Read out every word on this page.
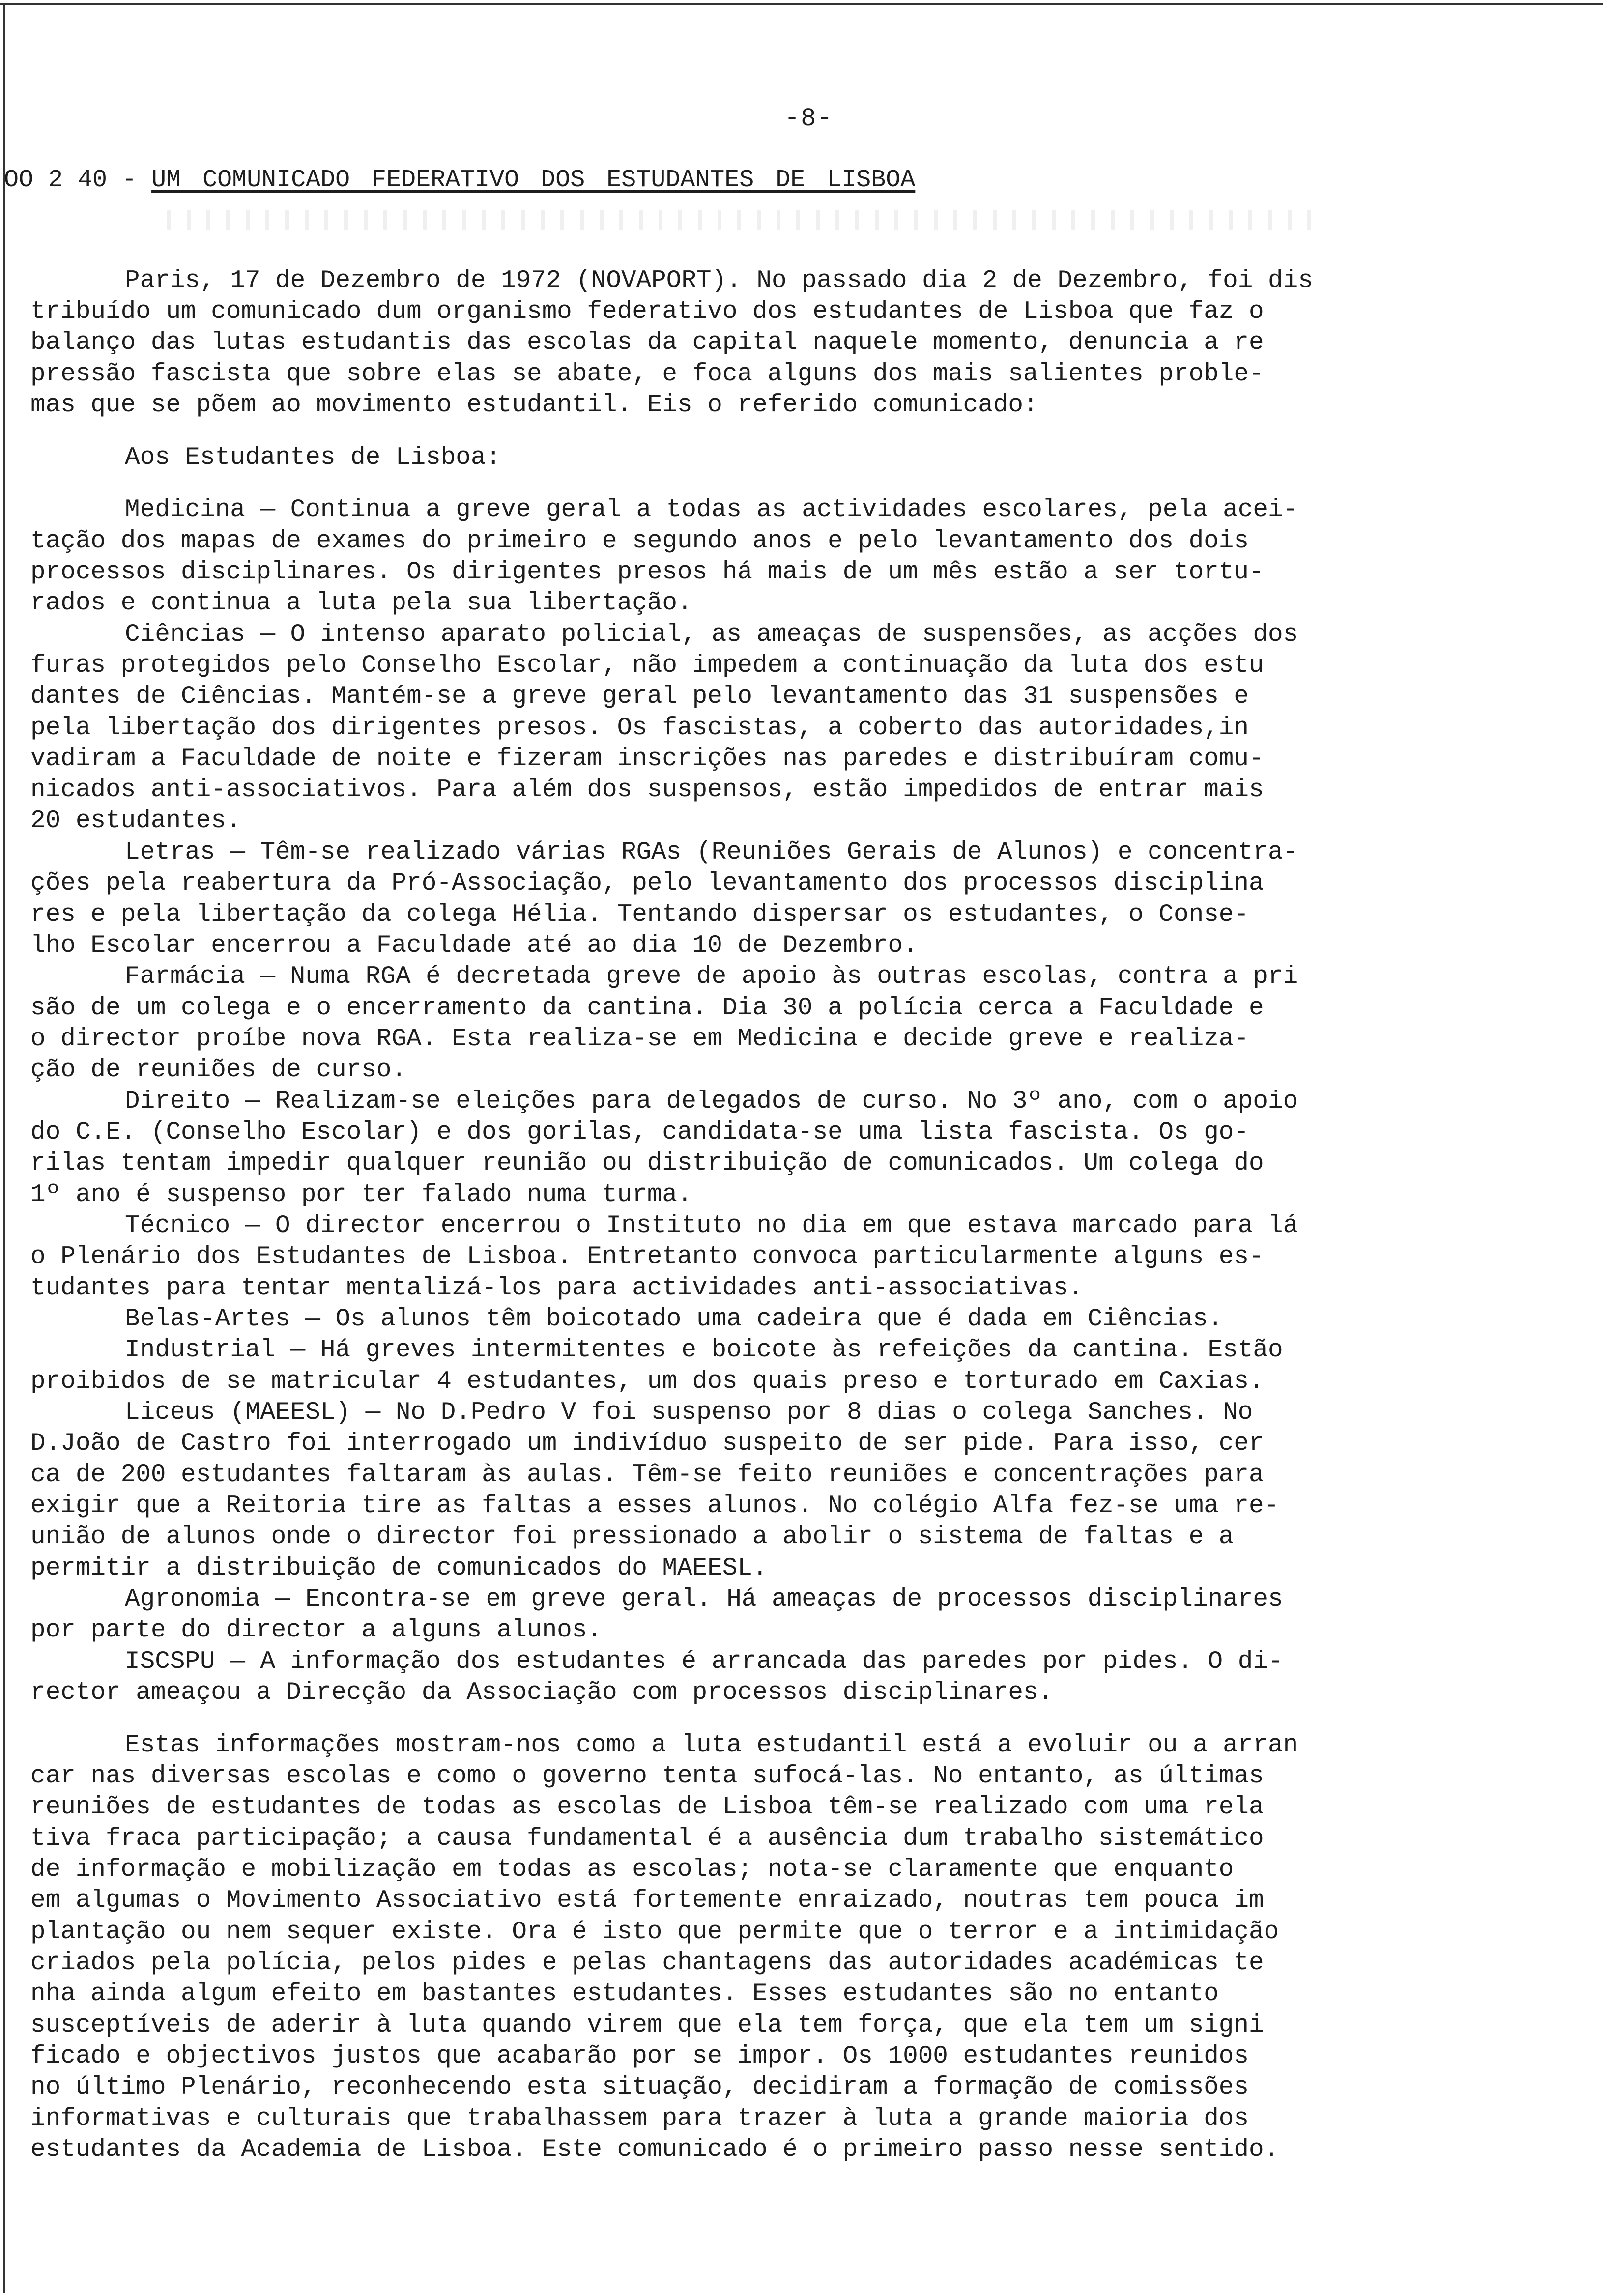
-8-
OO 2 40 - UM COMUNICADO FEDERATIVO DOS ESTUDANTES DE LISBOA
Paris, 17 de Dezembro de 1972 (NOVAPORT). No passado dia 2 de Dezembro, foi dis
tribuído um comunicado dum organismo federativo dos estudantes de Lisboa que faz o
balanço das lutas estudantis das escolas da capital naquele momento, denuncia a re
pressão fascista que sobre elas se abate, e foca alguns dos mais salientes proble-
mas que se põem ao movimento estudantil. Eis o referido comunicado:
Aos Estudantes de Lisboa:
Medicina — Continua a greve geral a todas as actividades escolares, pela acei-
tação dos mapas de exames do primeiro e segundo anos e pelo levantamento dos dois
processos disciplinares. Os dirigentes presos há mais de um mês estão a ser tortu-
rados e continua a luta pela sua libertação.
Ciências — O intenso aparato policial, as ameaças de suspensões, as acções dos
furas protegidos pelo Conselho Escolar, não impedem a continuação da luta dos estu
dantes de Ciências. Mantém-se a greve geral pelo levantamento das 31 suspensões e
pela libertação dos dirigentes presos. Os fascistas, a coberto das autoridades,in
vadiram a Faculdade de noite e fizeram inscrições nas paredes e distribuíram comu-
nicados anti-associativos. Para além dos suspensos, estão impedidos de entrar mais
20 estudantes.
Letras — Têm-se realizado várias RGAs (Reuniões Gerais de Alunos) e concentra-
ções pela reabertura da Pró-Associação, pelo levantamento dos processos disciplina
res e pela libertação da colega Hélia. Tentando dispersar os estudantes, o Conse-
lho Escolar encerrou a Faculdade até ao dia 10 de Dezembro.
Farmácia — Numa RGA é decretada greve de apoio às outras escolas, contra a pri
são de um colega e o encerramento da cantina. Dia 30 a polícia cerca a Faculdade e
o director proíbe nova RGA. Esta realiza-se em Medicina e decide greve e realiza-
ção de reuniões de curso.
Direito — Realizam-se eleições para delegados de curso. No 3º ano, com o apoio
do C.E. (Conselho Escolar) e dos gorilas, candidata-se uma lista fascista. Os go-
rilas tentam impedir qualquer reunião ou distribuição de comunicados. Um colega do
1º ano é suspenso por ter falado numa turma.
Técnico — O director encerrou o Instituto no dia em que estava marcado para lá
o Plenário dos Estudantes de Lisboa. Entretanto convoca particularmente alguns es-
tudantes para tentar mentalizá-los para actividades anti-associativas.
Belas-Artes — Os alunos têm boicotado uma cadeira que é dada em Ciências.
Industrial — Há greves intermitentes e boicote às refeições da cantina. Estão
proibidos de se matricular 4 estudantes, um dos quais preso e torturado em Caxias.
Liceus (MAEESL) — No D.Pedro V foi suspenso por 8 dias o colega Sanches. No
D.João de Castro foi interrogado um indivíduo suspeito de ser pide. Para isso, cer
ca de 200 estudantes faltaram às aulas. Têm-se feito reuniões e concentrações para
exigir que a Reitoria tire as faltas a esses alunos. No colégio Alfa fez-se uma re-
união de alunos onde o director foi pressionado a abolir o sistema de faltas e a
permitir a distribuição de comunicados do MAEESL.
Agronomia — Encontra-se em greve geral. Há ameaças de processos disciplinares
por parte do director a alguns alunos.
ISCSPU — A informação dos estudantes é arrancada das paredes por pides. O di-
rector ameaçou a Direcção da Associação com processos disciplinares.
Estas informações mostram-nos como a luta estudantil está a evoluir ou a arran
car nas diversas escolas e como o governo tenta sufocá-las. No entanto, as últimas
reuniões de estudantes de todas as escolas de Lisboa têm-se realizado com uma rela
tiva fraca participação; a causa fundamental é a ausência dum trabalho sistemático
de informação e mobilização em todas as escolas; nota-se claramente que enquanto
em algumas o Movimento Associativo está fortemente enraizado, noutras tem pouca im
plantação ou nem sequer existe. Ora é isto que permite que o terror e a intimidação
criados pela polícia, pelos pides e pelas chantagens das autoridades académicas te
nha ainda algum efeito em bastantes estudantes. Esses estudantes são no entanto
susceptíveis de aderir à luta quando virem que ela tem força, que ela tem um signi
ficado e objectivos justos que acabarão por se impor. Os 1000 estudantes reunidos
no último Plenário, reconhecendo esta situação, decidiram a formação de comissões
informativas e culturais que trabalhassem para trazer à luta a grande maioria dos
estudantes da Academia de Lisboa. Este comunicado é o primeiro passo nesse sentido.
